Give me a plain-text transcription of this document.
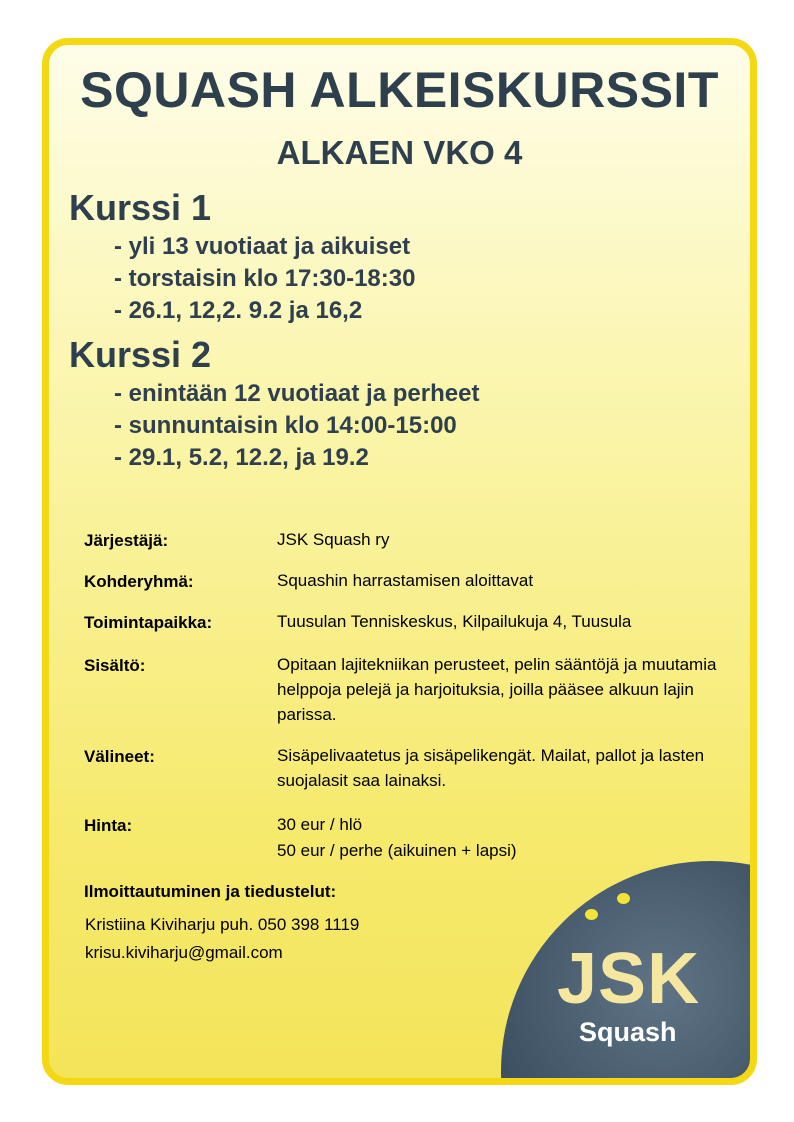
SQUASH ALKEISKURSSIT
ALKAEN VKO 4
Kurssi 1
- yli 13 vuotiaat ja aikuiset
- torstaisin klo 17:30-18:30
- 26.1, 12,2. 9.2 ja 16,2
Kurssi 2
- enintään 12 vuotiaat ja perheet
- sunnuntaisin klo 14:00-15:00
- 29.1, 5.2, 12.2, ja 19.2
Järjestäjä:	JSK Squash ry
Kohderyhmä:	Squashin harrastamisen aloittavat
Toimintapaikka:	Tuusulan Tenniskeskus, Kilpailukuja 4, Tuusula
Sisältö:	Opitaan lajitekniikan perusteet, pelin sääntöjä ja muutamia helppoja pelejä ja harjoituksia, joilla pääsee alkuun lajin parissa.
Välineet:	Sisäpelivaatetus ja sisäpelikengät. Mailat, pallot ja lasten suojalasit saa lainaksi.
Hinta:	30 eur / hlö
50 eur / perhe (aikuinen + lapsi)
Ilmoittautuminen ja tiedustelut:
Kristiina Kiviharju puh. 050 398 1119
krisu.kiviharju@gmail.com	JSK
Squash
